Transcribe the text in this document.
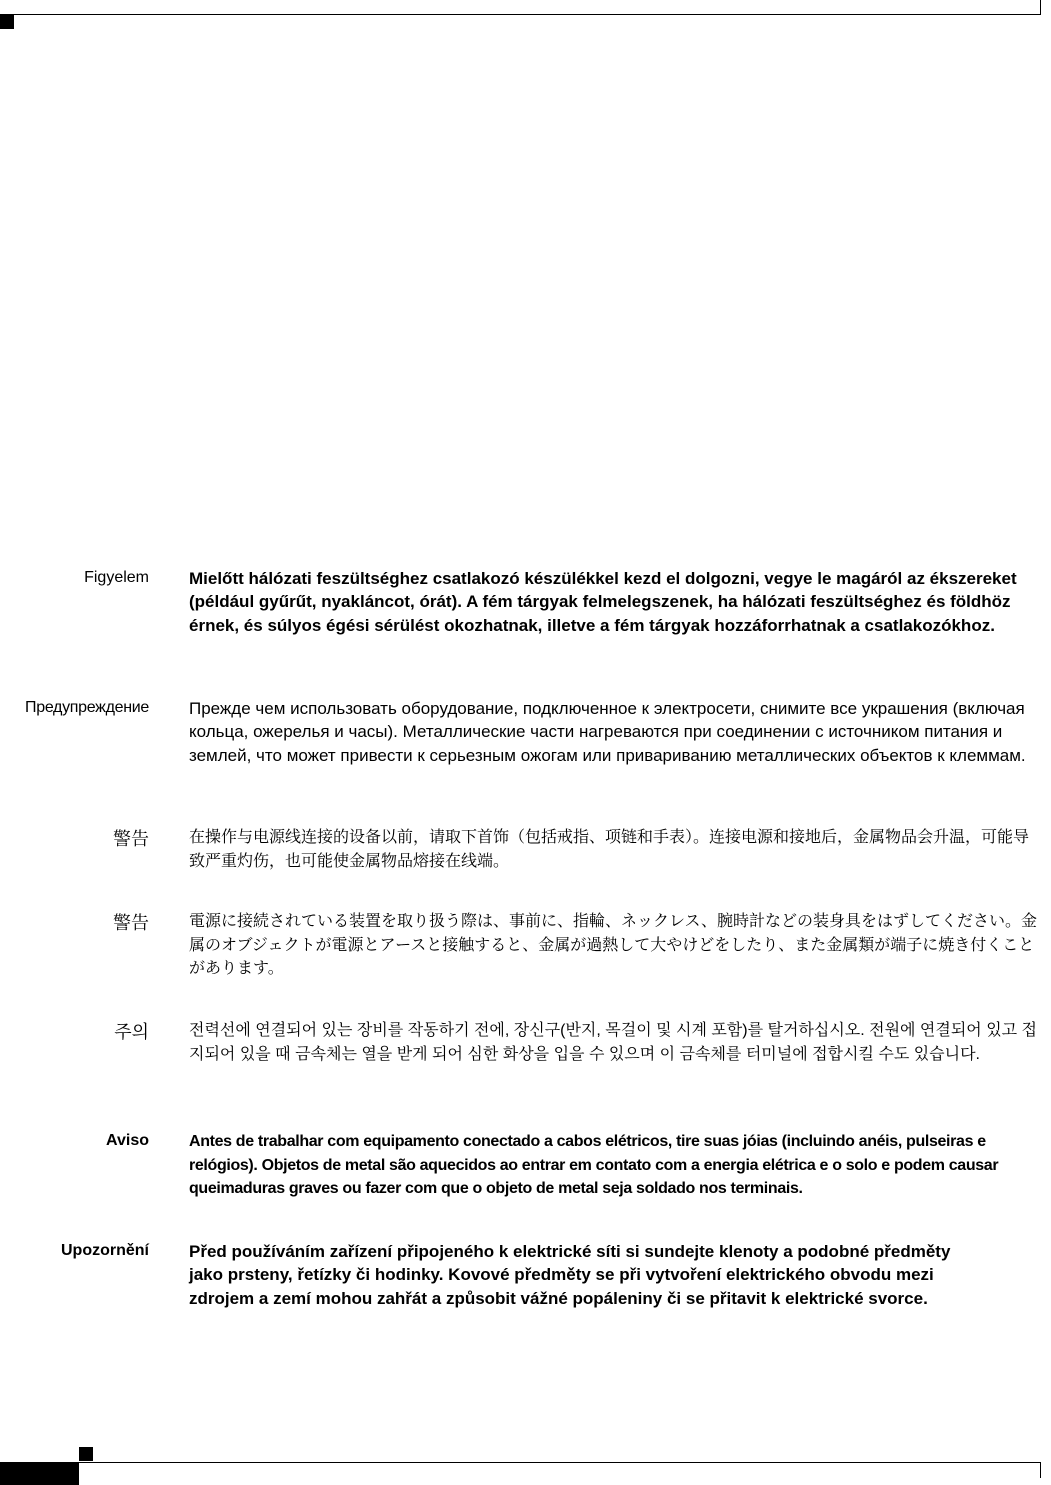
Figyelem Mielőtt hálózati feszültséghez csatlakozó készülékkel kezd el dolgozni, vegye le magáról az ékszereket (például gyűrűt, nyakláncot, órát). A fém tárgyak felmelegszenek, ha hálózati feszültséghez és földhöz érnek, és súlyos égési sérülést okozhatnak, illetve a fém tárgyak hozzáforrhatnak a csatlakozókhoz.

Предупреждение Прежде чем использовать оборудование, подключенное к электросети, снимите все украшения (включая кольца, ожерелья и часы). Металлические части нагреваются при соединении с источником питания и землей, что может привести к серьезным ожогам или привариванию металлических объектов к клеммам.

警告	在操作与电源线连接的设备以前，请取下首饰（包括戒指、项链和手表）。连接电源和接地后，金属物品会升温，可能导致严重灼伤，也可能使金属物品熔接在线端。

警告	電源に接続されている装置を取り扱う際は、事前に、指輪、ネックレス、腕時計などの装身具をはずしてください。金属のオブジェクトが電源とアースと接触すると、金属が過熱して大やけどをしたり、また金属類が端子に焼き付くことがあります。

주의	전력선에 연결되어 있는 장비를 작동하기 전에, 장신구(반지, 목걸이 및 시계 포함)를 탈거하십시오. 전원에 연결되어 있고 접지되어 있을 때 금속체는 열을 받게 되어 심한 화상을 입을 수 있으며 이 금속체를 터미널에 접합시킬 수도 있습니다.

Aviso	Antes de trabalhar com equipamento conectado a cabos elétricos, tire suas jóias (incluindo anéis, pulseiras e relógios). Objetos de metal são aquecidos ao entrar em contato com a energia elétrica e o solo e podem causar queimaduras graves ou fazer com que o objeto de metal seja soldado nos terminais.

Upozornění Před používáním zařízení připojeného k elektrické síti si sundejte klenoty a podobné předměty jako prsteny, řetízky či hodinky. Kovové předměty se při vytvoření elektrického obvodu mezi zdrojem a zemí mohou zahřát a způsobit vážné popáleniny či se přitavit k elektrické svorce.
